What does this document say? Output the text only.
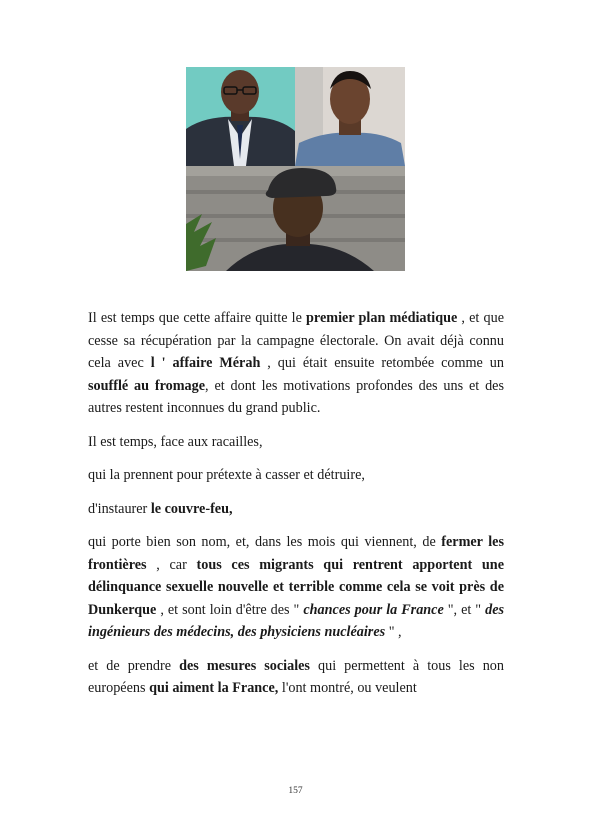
Il est temps que cette affaire quitte le premier plan médiatique , et que cesse sa récupération par la campagne électorale. On avait déjà connu cela avec l ' affaire Mérah , qui était ensuite retombée comme un soufflé au fromage, et dont les motivations profondes des uns et des autres restent inconnues du grand public.

Il est temps, face aux racailles,

qui la prennent pour prétexte à casser et détruire,

d'instaurer le couvre-feu,

qui porte bien son nom, et, dans les mois qui viennent, de fermer les frontières , car tous ces migrants qui rentrent apportent une délinquance sexuelle nouvelle et terrible comme cela se voit près de Dunkerque , et sont loin d'être des " chances pour la France ", et " des ingénieurs des médecins, des physiciens nucléaires " ,

et de prendre des mesures sociales qui permettent à tous les non européens qui aiment la France, l'ont montré, ou veulent

157
